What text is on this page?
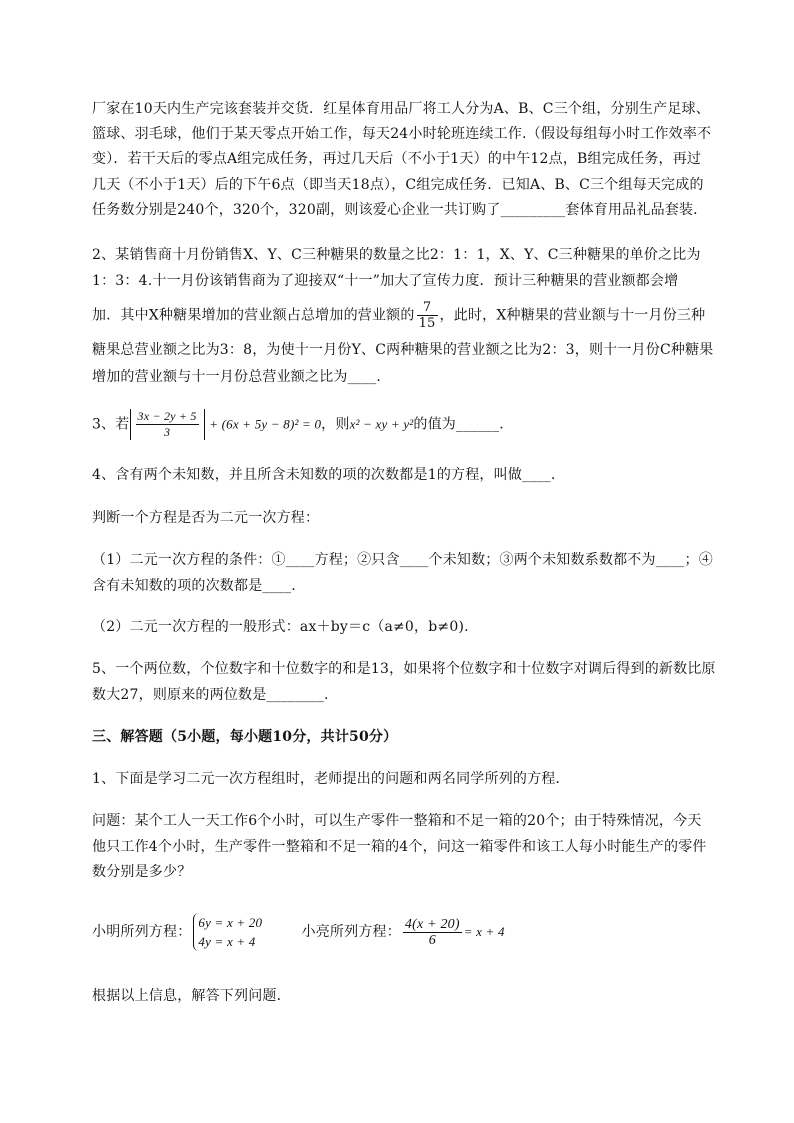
厂家在10天内生产完该套装并交货．红星体育用品厂将工人分为A、B、C三个组，分别生产足球、
篮球、羽毛球，他们于某天零点开始工作，每天24小时轮班连续工作.（假设每组每小时工作效率不
变）．若干天后的零点A组完成任务，再过几天后（不小于1天）的中午12点，B组完成任务，再过
几天（不小于1天）后的下午6点（即当天18点），C组完成任务．已知A、B、C三个组每天完成的
任务数分别是240个，320个，320副，则该爱心企业一共订购了_________套体育用品礼品套装．
2、某销售商十月份销售X、Y、C三种糖果的数量之比2：1：1，X、Y、C三种糖果的单价之比为
1：3：4.十一月份该销售商为了迎接双“十一”加大了宣传力度．预计三种糖果的营业额都会增
加．其中X种糖果增加的营业额占总增加的营业额的 $\frac{7}{15}$ ，此时，X种糖果的营业额与十一月份三种
糖果总营业额之比为3：8，为使十一月份Y、C两种糖果的营业额之比为2：3，则十一月份C种糖果
增加的营业额与十一月份总营业额之比为____.
3、若 $\frac{3x - 2y + 5}{3} + (6x + 5y - 8)^2 = 0$，则x² − xy + y²的值为______.
4、含有两个未知数，并且所含未知数的项的次数都是1的方程，叫做____.
判断一个方程是否为二元一次方程：
（1）二元一次方程的条件：①____方程；②只含____个未知数；③两个未知数系数都不为____；④
含有未知数的项的次数都是____.
（2）二元一次方程的一般形式：ax＋by＝c（a≠0，b≠0).
5、一个两位数，个位数字和十位数字的和是13，如果将个位数字和十位数字对调后得到的新数比原
数大27，则原来的两位数是________.
三、解答题（5小题，每小题10分，共计50分）
1、下面是学习二元一次方程组时，老师提出的问题和两名同学所列的方程．
问题：某个工人一天工作6个小时，可以生产零件一整箱和不足一箱的20个；由于特殊情况，今天
他只工作4个小时，生产零件一整箱和不足一箱的4个，问这一箱零件和该工人每小时能生产的零件
数分别是多少？
小明所列方程：
6y = x + 20
4y = x + 4
小亮所列方程： $\frac{4(x + 20)}{6} = x + 4$
根据以上信息，解答下列问题．
